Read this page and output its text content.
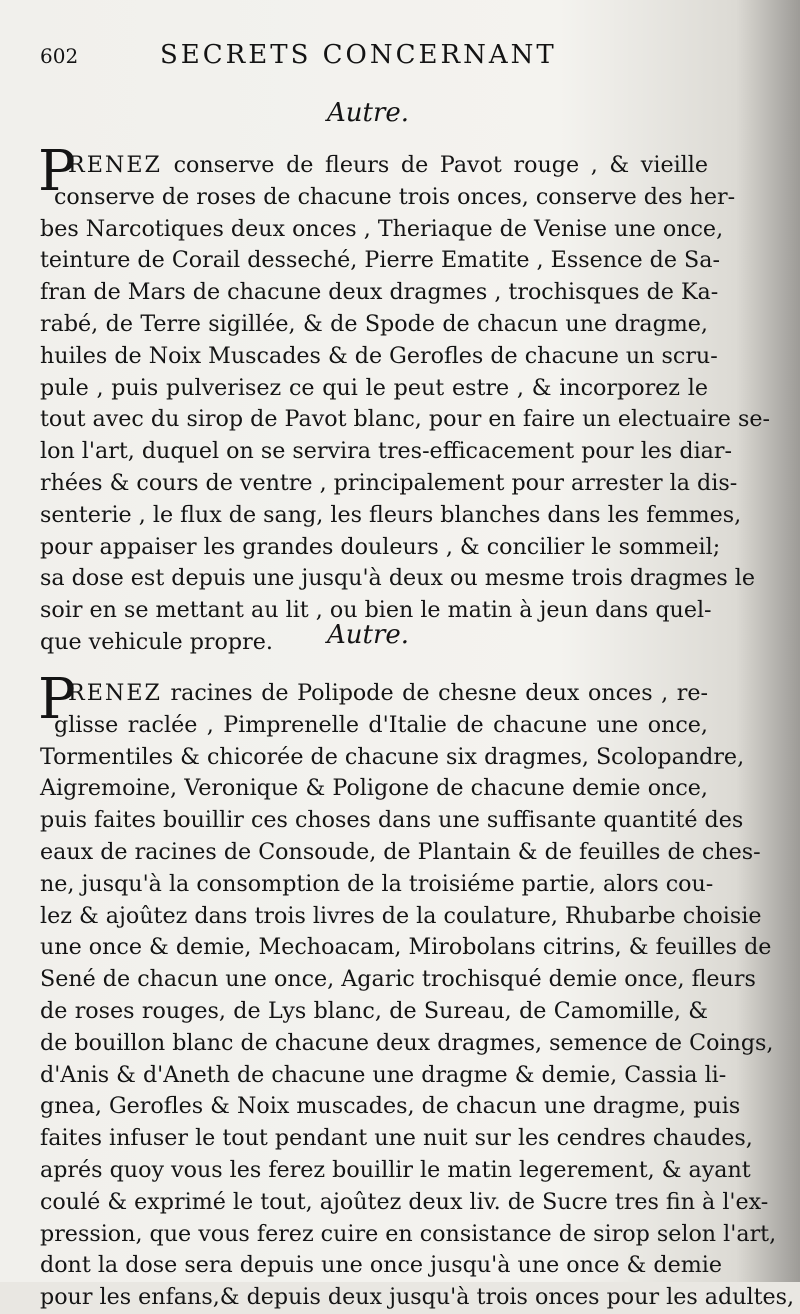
602	SECRETS CONCERNANT
Autre.
P
RENEZ conserve de fleurs de Pavot rouge , & vieille
conserve de roses de chacune trois onces, conserve des her-
bes Narcotiques deux onces , Theriaque de Venise une once,
teinture de Corail desseché, Pierre Ematite , Essence de Sa-
fran de Mars de chacune deux dragmes , trochisques de Ka-
rabé, de Terre sigillée, & de Spode de chacun une dragme,
huiles de Noix Muscades & de Gerofles de chacune un scru-
pule , puis pulverisez ce qui le peut estre , & incorporez le
tout avec du sirop de Pavot blanc, pour en faire un electuaire se-
lon l'art, duquel on se servira tres-efficacement pour les diar-
rhées & cours de ventre , principalement pour arrester la dis-
senterie , le flux de sang, les fleurs blanches dans les femmes,
pour appaiser les grandes douleurs , & concilier le sommeil;
sa dose est depuis une jusqu'à deux ou mesme trois dragmes le
soir en se mettant au lit , ou bien le matin à jeun dans quel-
que vehicule propre.	Autre.
P
RENEZ racines de Polipode de chesne deux onces , re-
glisse raclée , Pimprenelle d'Italie de chacune une once,
Tormentiles & chicorée de chacune six dragmes, Scolopandre,
Aigremoine, Veronique & Poligone de chacune demie once,
puis faites bouillir ces choses dans une suffisante quantité des
eaux de racines de Consoude, de Plantain & de feuilles de ches-
ne, jusqu'à la consomption de la troisiéme partie, alors cou-
lez & ajoûtez dans trois livres de la coulature, Rhubarbe choisie
une once & demie, Mechoacam, Mirobolans citrins, & feuilles de
Sené de chacun une once, Agaric trochisqué demie once, fleurs
de roses rouges, de Lys blanc, de Sureau, de Camomille, &
de bouillon blanc de chacune deux dragmes, semence de Coings,
d'Anis & d'Aneth de chacune une dragme & demie, Cassia li-
gnea, Gerofles & Noix muscades, de chacun une dragme, puis
faites infuser le tout pendant une nuit sur les cendres chaudes,
aprés quoy vous les ferez bouillir le matin legerement, & ayant
coulé & exprimé le tout, ajoûtez deux liv. de Sucre tres fin à l'ex-
pression, que vous ferez cuire en consistance de sirop selon l'art,
dont la dose sera depuis une once jusqu'à une once & demie
pour les enfans,& depuis deux jusqu'à trois onces pour les adultes,
